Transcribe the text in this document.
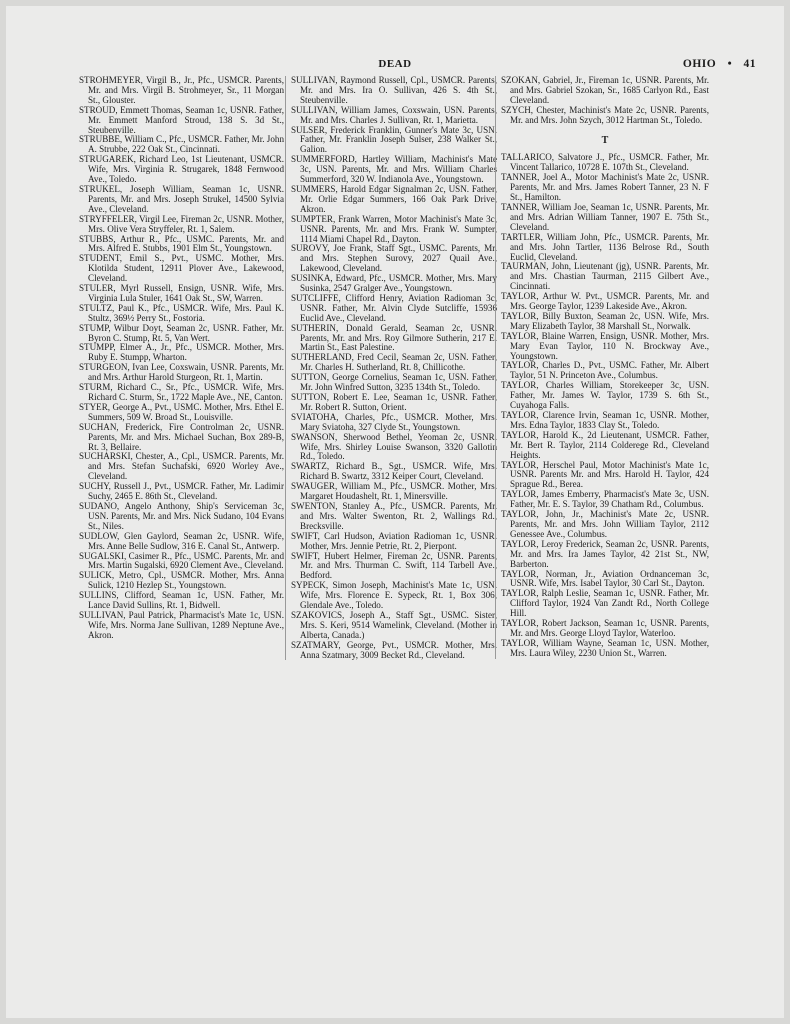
DEAD	OHIO • 41

STROHMEYER, Virgil B., Jr., Pfc., USMCR. Parents, Mr. and Mrs. Virgil B. Strohmeyer, Sr., 11 Morgan St., Glouster.

STROUD, Emmett Thomas, Seaman 1c, USNR. Father, Mr. Emmett Manford Stroud, 138 S. 3d St., Steubenville.

STRUBBE, William C., Pfc., USMCR. Father, Mr. John A. Strubbe, 222 Oak St., Cincinnati.

STRUGAREK, Richard Leo, 1st Lieutenant, USMCR. Wife, Mrs. Virginia R. Strugarek, 1848 Fernwood Ave., Toledo.

STRUKEL, Joseph William, Seaman 1c, USNR. Parents, Mr. and Mrs. Joseph Strukel, 14500 Sylvia Ave., Cleveland.

STRYFFELER, Virgil Lee, Fireman 2c, USNR. Mother, Mrs. Olive Vera Stryffeler, Rt. 1, Salem.

STUBBS, Arthur R., Pfc., USMC. Parents, Mr. and Mrs. Alfred E. Stubbs, 1901 Elm St., Youngstown.

STUDENT, Emil S., Pvt., USMC. Mother, Mrs. Klotilda Student, 12911 Plover Ave., Lakewood, Cleveland.

STULER, Myrl Russell, Ensign, USNR. Wife, Mrs. Virginia Lula Stuler, 1641 Oak St., SW, Warren.

STULTZ, Paul K., Pfc., USMCR. Wife, Mrs. Paul K. Stultz, 369½ Perry St., Fostoria.

STUMP, Wilbur Doyt, Seaman 2c, USNR. Father, Mr. Byron C. Stump, Rt. 5, Van Wert.

STUMPP, Elmer A., Jr., Pfc., USMCR. Mother, Mrs. Ruby E. Stumpp, Wharton.

STURGEON, Ivan Lee, Coxswain, USNR. Parents, Mr. and Mrs. Arthur Harold Sturgeon, Rt. 1, Martin.

STURM, Richard C., Sr., Pfc., USMCR. Wife, Mrs. Richard C. Sturm, Sr., 1722 Maple Ave., NE, Canton.

STYER, George A., Pvt., USMC. Mother, Mrs. Ethel E. Summers, 509 W. Broad St., Louisville.

SUCHAN, Frederick, Fire Controlman 2c, USNR. Parents, Mr. and Mrs. Michael Suchan, Box 289-B, Rt. 3, Bellaire.

SUCHARSKI, Chester, A., Cpl., USMCR. Parents, Mr. and Mrs. Stefan Suchafski, 6920 Worley Ave., Cleveland.

SUCHY, Russell J., Pvt., USMCR. Father, Mr. Ladimir Suchy, 2465 E. 86th St., Cleveland.

SUDANO, Angelo Anthony, Ship's Serviceman 3c, USN. Parents, Mr. and Mrs. Nick Sudano, 104 Evans St., Niles.

SUDLOW, Glen Gaylord, Seaman 2c, USNR. Wife, Mrs. Anne Belle Sudlow, 316 E. Canal St., Antwerp.

SUGALSKI, Casimer R., Pfc., USMC. Parents, Mr. and Mrs. Martin Sugalski, 6920 Clement Ave., Cleveland.

SULICK, Metro, Cpl., USMCR. Mother, Mrs. Anna Sulick, 1210 Hezlep St., Youngstown.

SULLINS, Clifford, Seaman 1c, USN. Father, Mr. Lance David Sullins, Rt. 1, Bidwell.

SULLIVAN, Paul Patrick, Pharmacist's Mate 1c, USN. Wife, Mrs. Norma Jane Sullivan, 1289 Neptune Ave., Akron.

SULLIVAN, Raymond Russell, Cpl., USMCR. Parents, Mr. and Mrs. Ira O. Sullivan, 426 S. 4th St., Steubenville.

SULLIVAN, William James, Coxswain, USN. Parents, Mr. and Mrs. Charles J. Sullivan, Rt. 1, Marietta.

SULSER, Frederick Franklin, Gunner's Mate 3c, USN. Father, Mr. Franklin Joseph Sulser, 238 Walker St., Galion.

SUMMERFORD, Hartley William, Machinist's Mate 3c, USN. Parents, Mr. and Mrs. William Charles Summerford, 320 W. Indianola Ave., Youngstown.

SUMMERS, Harold Edgar Signalman 2c, USN. Father, Mr. Orlie Edgar Summers, 166 Oak Park Drive, Akron.

SUMPTER, Frank Warren, Motor Machinist's Mate 3c, USNR. Parents, Mr. and Mrs. Frank W. Sumpter, 1114 Miami Chapel Rd., Dayton.

SUROVY, Joe Frank, Staff Sgt., USMC. Parents, Mr. and Mrs. Stephen Surovy, 2027 Quail Ave., Lakewood, Cleveland.

SUSINKA, Edward, Pfc., USMCR. Mother, Mrs. Mary Susinka, 2547 Gralger Ave., Youngstown.

SUTCLIFFE, Clifford Henry, Aviation Radioman 3c, USNR. Father, Mr. Alvin Clyde Sutcliffe, 15936 Euclid Ave., Cleveland.

SUTHERIN, Donald Gerald, Seaman 2c, USNR. Parents, Mr. and Mrs. Roy Gilmore Sutherin, 217 E. Martin St., East Palestine.

SUTHERLAND, Fred Cecil, Seaman 2c, USN. Father, Mr. Charles H. Sutherland, Rt. 8, Chillicothe.

SUTTON, George Cornelius, Seaman 1c, USN. Father, Mr. John Winfred Sutton, 3235 134th St., Toledo.

SUTTON, Robert E. Lee, Seaman 1c, USNR. Father, Mr. Robert R. Sutton, Orient.

SVIATOHA, Charles, Pfc., USMCR. Mother, Mrs. Mary Sviatoha, 327 Clyde St., Youngstown.

SWANSON, Sherwood Bethel, Yeoman 2c, USNR. Wife, Mrs. Shirley Louise Swanson, 3320 Gallotin Rd., Toledo.

SWARTZ, Richard B., Sgt., USMCR. Wife, Mrs. Richard B. Swartz, 3312 Keiper Court, Cleveland.

SWAUGER, William M., Pfc., USMCR. Mother, Mrs. Margaret Houdashelt, Rt. 1, Minersville.

SWENTON, Stanley A., Pfc., USMCR. Parents, Mr. and Mrs. Walter Swenton, Rt. 2, Wallings Rd., Brecksville.

SWIFT, Carl Hudson, Aviation Radioman 1c, USNR. Mother, Mrs. Jennie Petrie, Rt. 2, Pierpont.

SWIFT, Hubert Helmer, Fireman 2c, USNR. Parents, Mr. and Mrs. Thurman C. Swift, 114 Tarbell Ave., Bedford.

SYPECK, Simon Joseph, Machinist's Mate 1c, USN. Wife, Mrs. Florence E. Sypeck, Rt. 1, Box 306, Glendale Ave., Toledo.

SZAKOVICS, Joseph A., Staff Sgt., USMC. Sister, Mrs. S. Keri, 9514 Wamelink, Cleveland. (Mother in Alberta, Canada.)

SZATMARY, George, Pvt., USMCR. Mother, Mrs. Anna Szatmary, 3009 Becket Rd., Cleveland.

SZOKAN, Gabriel, Jr., Fireman 1c, USNR. Parents, Mr. and Mrs. Gabriel Szokan, Sr., 1685 Carlyon Rd., East Cleveland.

SZYCH, Chester, Machinist's Mate 2c, USNR. Parents, Mr. and Mrs. John Szych, 3012 Hartman St., Toledo.

T

TALLARICO, Salvatore J., Pfc., USMCR. Father, Mr. Vincent Tallarico, 10728 E. 107th St., Cleveland.

TANNER, Joel A., Motor Machinist's Mate 2c, USNR. Parents, Mr. and Mrs. James Robert Tanner, 23 N. F St., Hamilton.

TANNER, William Joe, Seaman 1c, USNR. Parents, Mr. and Mrs. Adrian William Tanner, 1907 E. 75th St., Cleveland.

TARTLER, William John, Pfc., USMCR. Parents, Mr. and Mrs. John Tartler, 1136 Belrose Rd., South Euclid, Cleveland.

TAURMAN, John, Lieutenant (jg), USNR. Parents, Mr. and Mrs. Chastian Taurman, 2115 Gilbert Ave., Cincinnati.

TAYLOR, Arthur W. Pvt., USMCR. Parents, Mr. and Mrs. George Taylor, 1239 Lakeside Ave., Akron.

TAYLOR, Billy Buxton, Seaman 2c, USN. Wife, Mrs. Mary Elizabeth Taylor, 38 Marshall St., Norwalk.

TAYLOR, Blaine Warren, Ensign, USNR. Mother, Mrs. Mary Evan Taylor, 110 N. Brockway Ave., Youngstown.

TAYLOR, Charles D., Pvt., USMC. Father, Mr. Albert Taylor, 51 N. Princeton Ave., Columbus.

TAYLOR, Charles William, Storekeeper 3c, USN. Father, Mr. James W. Taylor, 1739 S. 6th St., Cuyahoga Falls.

TAYLOR, Clarence Irvin, Seaman 1c, USNR. Mother, Mrs. Edna Taylor, 1833 Clay St., Toledo.

TAYLOR, Harold K., 2d Lieutenant, USMCR. Father, Mr. Bert R. Taylor, 2114 Colderege Rd., Cleveland Heights.

TAYLOR, Herschel Paul, Motor Machinist's Mate 1c, USNR. Parents Mr. and Mrs. Harold H. Taylor, 424 Sprague Rd., Berea.

TAYLOR, James Emberry, Pharmacist's Mate 3c, USN. Father, Mr. E. S. Taylor, 39 Chatham Rd., Columbus.

TAYLOR, John, Jr., Machinist's Mate 2c, USNR. Parents, Mr. and Mrs. John William Taylor, 2112 Genessee Ave., Columbus.

TAYLOR, Leroy Frederick, Seaman 2c, USNR. Parents, Mr. and Mrs. Ira James Taylor, 42 21st St., NW, Barberton.

TAYLOR, Norman, Jr., Aviation Ordnanceman 3c, USNR. Wife, Mrs. Isabel Taylor, 30 Carl St., Dayton.

TAYLOR, Ralph Leslie, Seaman 1c, USNR. Father, Mr. Clifford Taylor, 1924 Van Zandt Rd., North College Hill.

TAYLOR, Robert Jackson, Seaman 1c, USNR. Parents, Mr. and Mrs. George Lloyd Taylor, Waterloo.

TAYLOR, William Wayne, Seaman 1c, USN. Mother, Mrs. Laura Wiley, 2230 Union St., Warren.
